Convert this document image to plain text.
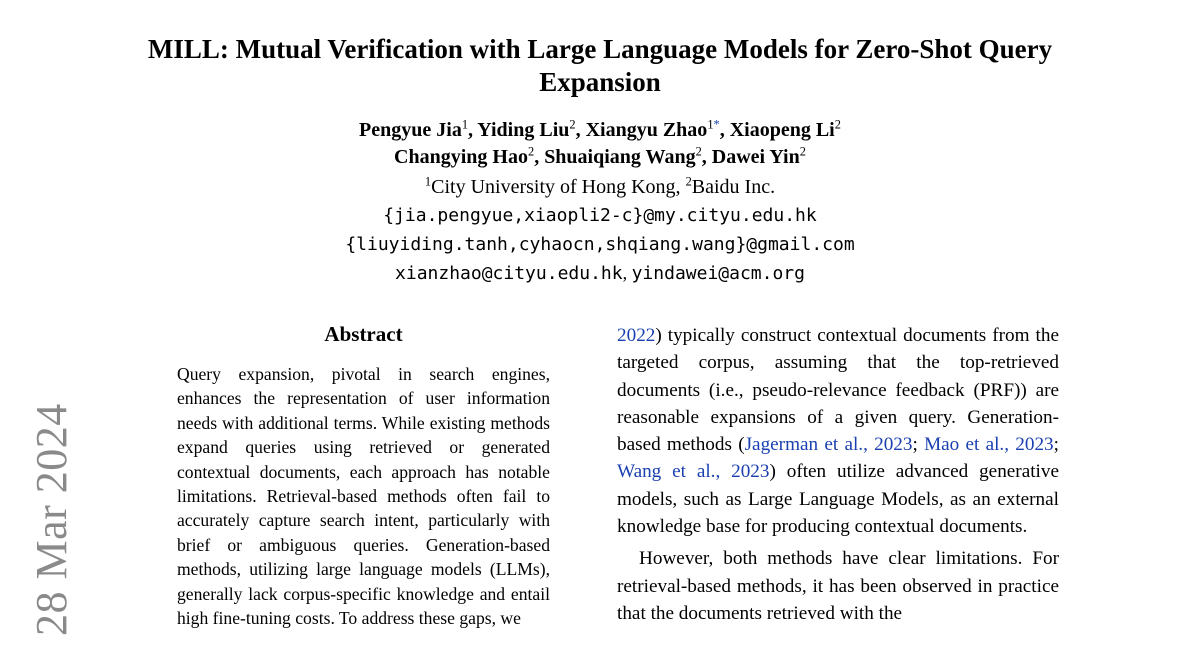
28 Mar 2024
MILL: Mutual Verification with Large Language Models for Zero-Shot Query Expansion
Pengyue Jia$^1$, Yiding Liu$^2$, Xiangyu Zhao$^{1*}$, Xiaopeng Li$^2$
Changying Hao$^2$, Shuaiqiang Wang$^2$, Dawei Yin$^2$
$^1$City University of Hong Kong, $^2$Baidu Inc.
{jia.pengyue,xiaopli2-c}@my.cityu.edu.hk
{liuyiding.tanh,cyhaocn,shqiang.wang}@gmail.com
xianzhao@cityu.edu.hk, yindawei@acm.org
Abstract
Query expansion, pivotal in search engines, enhances the representation of user information needs with additional terms. While existing methods expand queries using retrieved or generated contextual documents, each approach has notable limitations. Retrieval-based methods often fail to accurately capture search intent, particularly with brief or ambiguous queries. Generation-based methods, utilizing large language models (LLMs), generally lack corpus-specific knowledge and entail high fine-tuning costs. To address these gaps, we

2022) typically construct contextual documents from the targeted corpus, assuming that the top-retrieved documents (i.e., pseudo-relevance feedback (PRF)) are reasonable expansions of a given query. Generation-based methods (Jagerman et al., 2023; Mao et al., 2023; Wang et al., 2023) often utilize advanced generative models, such as Large Language Models, as an external knowledge base for producing contextual documents.

However, both methods have clear limitations. For retrieval-based methods, it has been observed in practice that the documents retrieved with the
